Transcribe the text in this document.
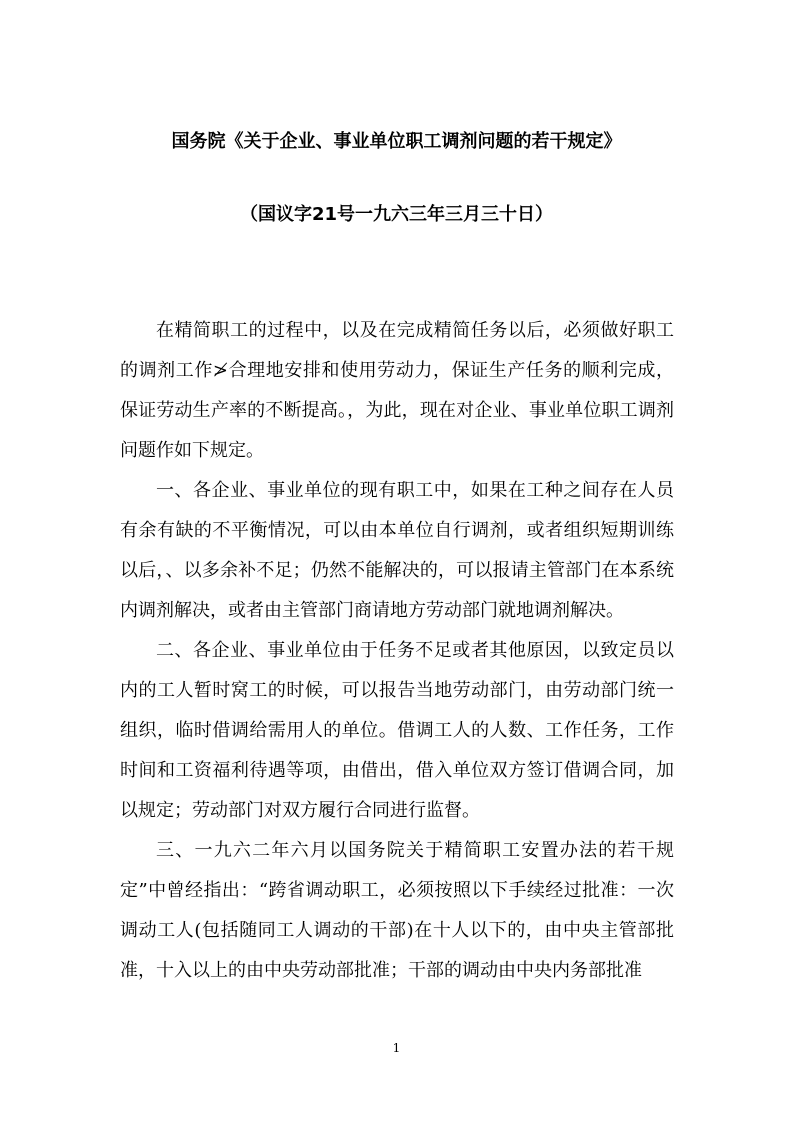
国务院《关于企业、事业单位职工调剂问题的若干规定》
（国议字21号一九六三年三月三十日）

在精简职工的过程中，以及在完成精简任务以后，必须做好职工的调剂工作≯合理地安排和使用劳动力，保证生产任务的顺利完成，保证劳动生产率的不断提高。，为此，现在对企业、事业单位职工调剂问题作如下规定。

一、各企业、事业单位的现有职工中，如果在工种之间存在人员有余有缺的不平衡情况，可以由本单位自行调剂，或者组织短期训练以后，、以多余补不足；仍然不能解决的，可以报请主管部门在本系统内调剂解决，或者由主管部门商请地方劳动部门就地调剂解决。

二、各企业、事业单位由于任务不足或者其他原因，以致定员以内的工人暂时窝工的时候，可以报告当地劳动部门，由劳动部门统一组织，临时借调给需用人的单位。借调工人的人数、工作任务，工作时间和工资福利待遇等项，由借出，借入单位双方签订借调合同，加以规定；劳动部门对双方履行合同进行监督。

三、一九六二年六月以国务院关于精简职工安置办法的若干规定”中曾经指出：“跨省调动职工，必须按照以下手续经过批准：一次调动工人(包括随同工人调动的干部)在十人以下的，由中央主管部批准，十入以上的由中央劳动部批准；干部的调动由中央内务部批准

1
